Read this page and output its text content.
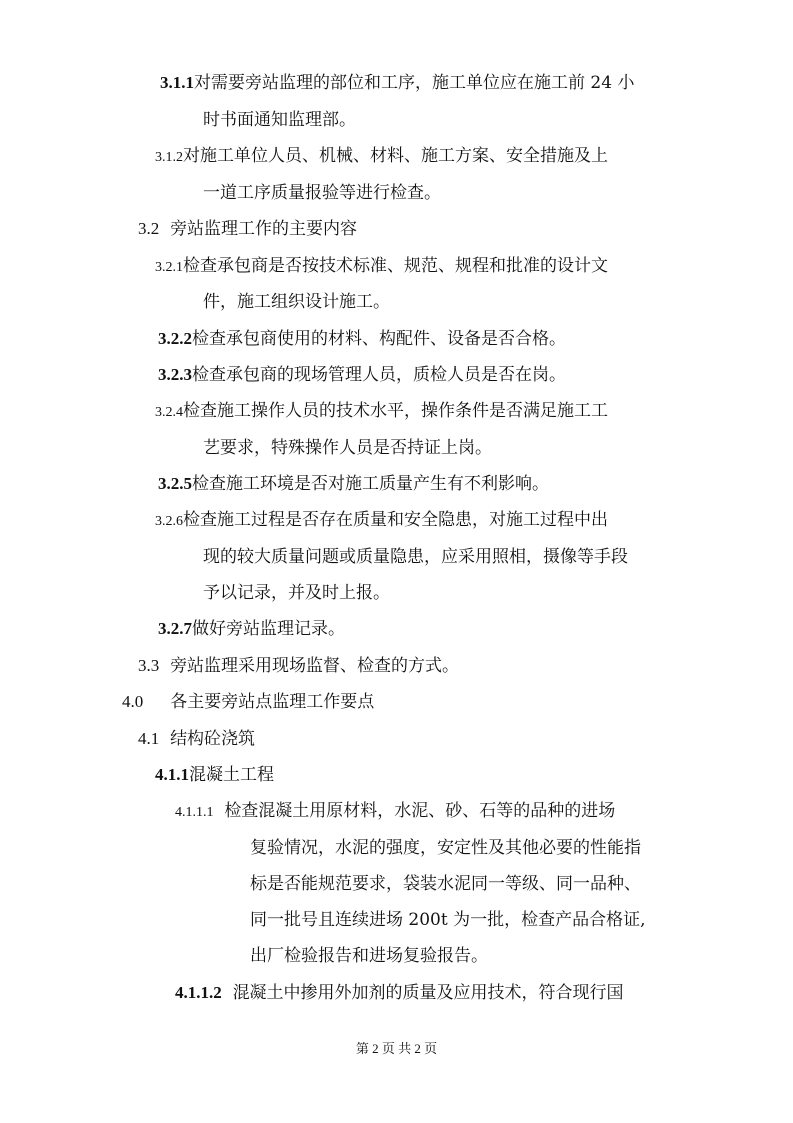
3.1.1对需要旁站监理的部位和工序，施工单位应在施工前 24 小
时书面通知监理部。
3.1.2对施工单位人员、机械、材料、施工方案、安全措施及上
一道工序质量报验等进行检查。
3.2 旁站监理工作的主要内容
3.2.1检查承包商是否按技术标准、规范、规程和批准的设计文
件，施工组织设计施工。
3.2.2检查承包商使用的材料、构配件、设备是否合格。
3.2.3检查承包商的现场管理人员，质检人员是否在岗。
3.2.4检查施工操作人员的技术水平，操作条件是否满足施工工
艺要求，特殊操作人员是否持证上岗。
3.2.5检查施工环境是否对施工质量产生有不利影响。
3.2.6检查施工过程是否存在质量和安全隐患，对施工过程中出
现的较大质量问题或质量隐患，应采用照相，摄像等手段
予以记录，并及时上报。
3.2.7做好旁站监理记录。
3.3 旁站监理采用现场监督、检查的方式。
4.0 各主要旁站点监理工作要点
4.1 结构砼浇筑
4.1.1混凝土工程
4.1.1.1 检查混凝土用原材料，水泥、砂、石等的品种的进场
复验情况，水泥的强度，安定性及其他必要的性能指
标是否能规范要求，袋装水泥同一等级、同一品种、
同一批号且连续进场 200t 为一批，检查产品合格证,
出厂检验报告和进场复验报告。
4.1.1.2 混凝土中掺用外加剂的质量及应用技术，符合现行国
第 2 页 共 2 页
